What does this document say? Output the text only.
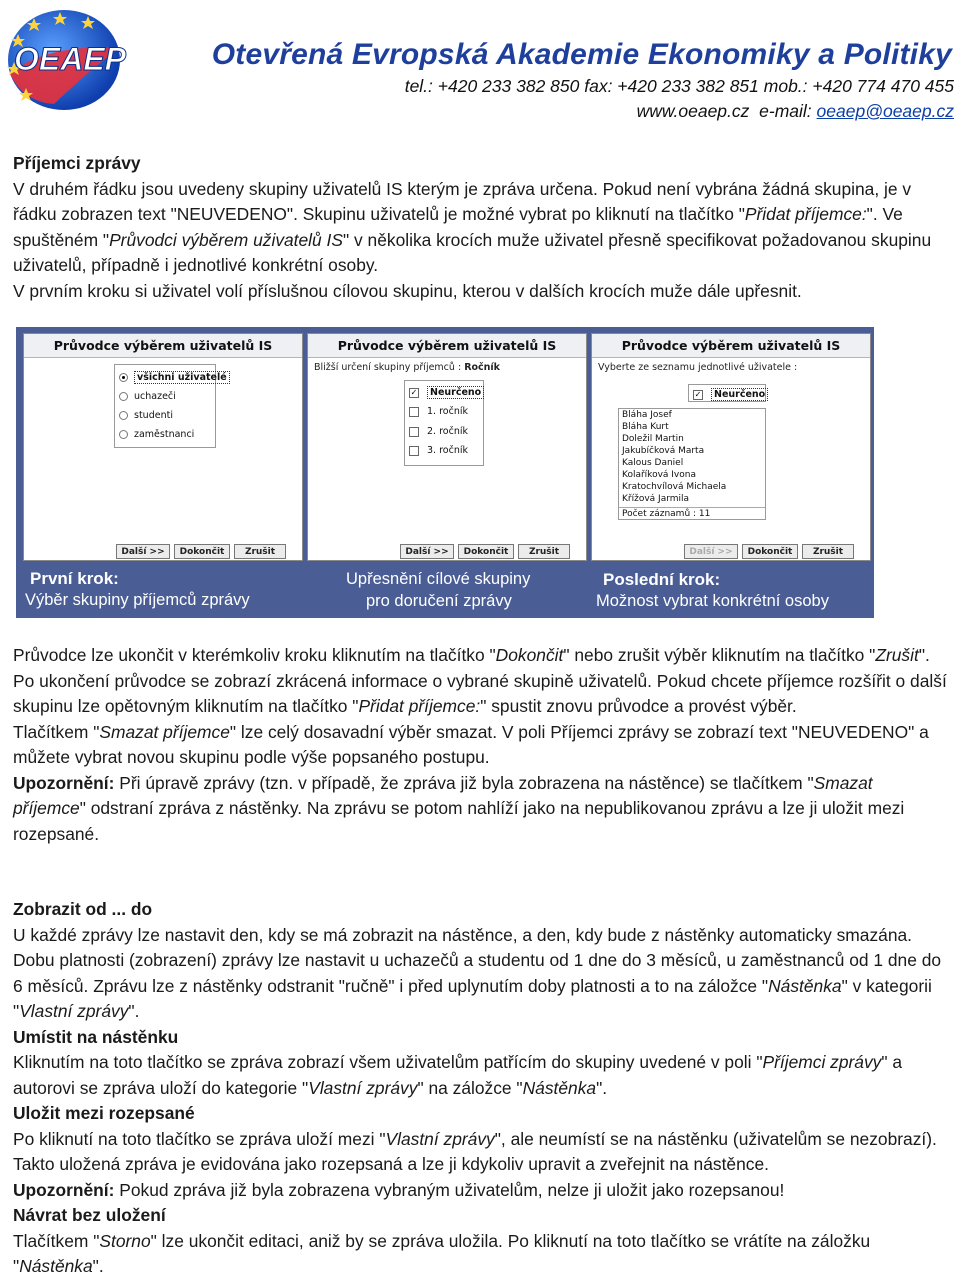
OEAEP	Otevřená Evropská Akademie Ekonomiky a Politiky
tel.: +420 233 382 850 fax: +420 233 382 851 mob.: +420 774 470 455
www.oeaep.cz e-mail: oeaep@oeaep.cz

Příjemci zprávy

V druhém řádku jsou uvedeny skupiny uživatelů IS kterým je zpráva určena. Pokud není vybrána žádná skupina, je v řádku zobrazen text "NEUVEDENO". Skupinu uživatelů je možné vybrat po kliknutí na tlačítko "Přidat příjemce:". Ve spuštěném "Průvodci výběrem uživatelů IS" v několika krocích muže uživatel přesně specifikovat požadovanou skupinu uživatelů, případně i jednotlivé konkrétní osoby.

V prvním kroku si uživatel volí příslušnou cílovou skupinu, kterou v dalších krocích muže dále upřesnit.

Průvodce výběrem uživatelů IS
všichni uživatelé
uchazeči
studenti
zaměstnanci
Další >>	Dokončit	Zrušit
Průvodce výběrem uživatelů IS
Bližší určení skupiny příjemců : Ročník
✓	Neurčeno
1. ročník
2. ročník
3. ročník
Další >>	Dokončit	Zrušit
Průvodce výběrem uživatelů IS
Vyberte ze seznamu jednotlivé uživatele :
✓	Neurčeno
Bláha Josef
Bláha Kurt
Doležil Martin
Jakubíčková Marta
Kalous Daniel
Kolaříková Ivona
Kratochvílová Michaela
Křížová Jarmila
Počet záznamů : 11
Další >>	Dokončit	Zrušit
První krok:
Výběr skupiny příjemců zprávy
Upřesnění cílové skupiny
pro doručení zprávy
Poslední krok:
Možnost vybrat konkrétní osoby

Průvodce lze ukončit v kterémkoliv kroku kliknutím na tlačítko "Dokončit" nebo zrušit výběr kliknutím na tlačítko "Zrušit". Po ukončení průvodce se zobrazí zkrácená informace o vybrané skupině uživatelů. Pokud chcete příjemce rozšířit o další skupinu lze opětovným kliknutím na tlačítko "Přidat příjemce:" spustit znovu průvodce a provést výběr.

Tlačítkem "Smazat příjemce" lze celý dosavadní výběr smazat. V poli Příjemci zprávy se zobrazí text "NEUVEDENO" a můžete vybrat novou skupinu podle výše popsaného postupu.

Upozornění: Při úpravě zprávy (tzn. v případě, že zpráva již byla zobrazena na nástěnce) se tlačítkem "Smazat příjemce" odstraní zpráva z nástěnky. Na zprávu se potom nahlíží jako na nepublikovanou zprávu a lze ji uložit mezi rozepsané.

Zobrazit od ... do

U každé zprávy lze nastavit den, kdy se má zobrazit na nástěnce, a den, kdy bude z nástěnky automaticky smazána. Dobu platnosti (zobrazení) zprávy lze nastavit u uchazečů a studentu od 1 dne do 3 měsíců, u zaměstnanců od 1 dne do 6 měsíců. Zprávu lze z nástěnky odstranit "ručně" i před uplynutím doby platnosti a to na záložce "Nástěnka" v kategorii "Vlastní zprávy".

Umístit na nástěnku

Kliknutím na toto tlačítko se zpráva zobrazí všem uživatelům patřícím do skupiny uvedené v poli "Příjemci zprávy" a autorovi se zpráva uloží do kategorie "Vlastní zprávy" na záložce "Nástěnka".

Uložit mezi rozepsané

Po kliknutí na toto tlačítko se zpráva uloží mezi "Vlastní zprávy", ale neumístí se na nástěnku (uživatelům se nezobrazí). Takto uložená zpráva je evidována jako rozepsaná a lze ji kdykoliv upravit a zveřejnit na nástěnce.

Upozornění: Pokud zpráva již byla zobrazena vybraným uživatelům, nelze ji uložit jako rozepsanou!

Návrat bez uložení

Tlačítkem "Storno" lze ukončit editaci, aniž by se zpráva uložila. Po kliknutí na toto tlačítko se vrátíte na záložku "Nástěnka".
